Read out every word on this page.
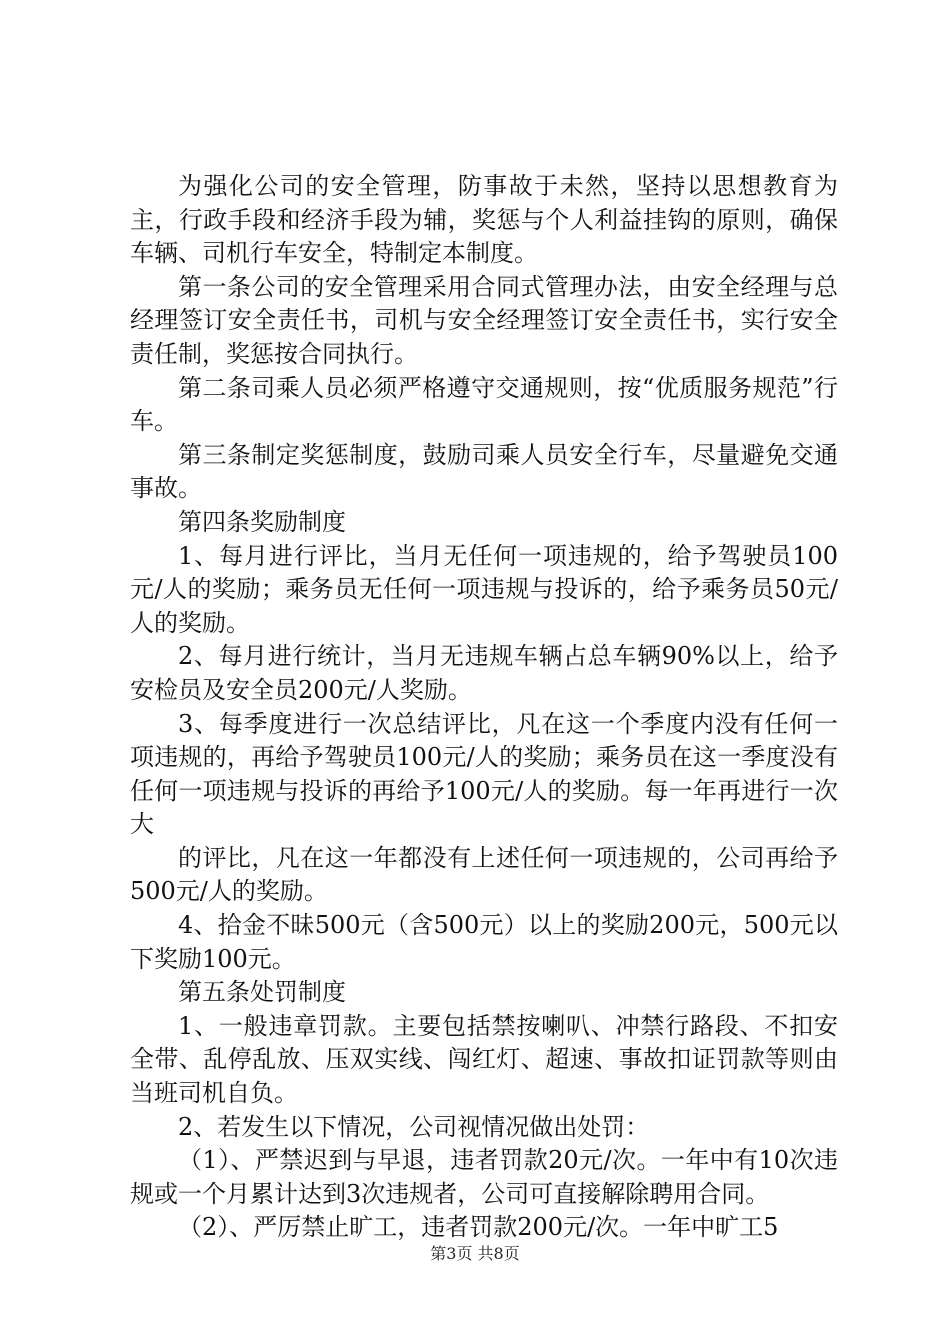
为强化公司的安全管理，防事故于未然，坚持以思想教育为主，行政手段和经济手段为辅，奖惩与个人利益挂钩的原则，确保车辆、司机行车安全，特制定本制度。

第一条公司的安全管理采用合同式管理办法，由安全经理与总经理签订安全责任书，司机与安全经理签订安全责任书，实行安全责任制，奖惩按合同执行。

第二条司乘人员必须严格遵守交通规则，按“优质服务规范”行车。

第三条制定奖惩制度，鼓励司乘人员安全行车，尽量避免交通事故。

第四条奖励制度

1、每月进行评比，当月无任何一项违规的，给予驾驶员100元/人的奖励；乘务员无任何一项违规与投诉的，给予乘务员50元/人的奖励。

2、每月进行统计，当月无违规车辆占总车辆90%以上，给予安检员及安全员200元/人奖励。

3、每季度进行一次总结评比，凡在这一个季度内没有任何一项违规的，再给予驾驶员100元/人的奖励；乘务员在这一季度没有任何一项违规与投诉的再给予100元/人的奖励。每一年再进行一次大

的评比，凡在这一年都没有上述任何一项违规的，公司再给予500元/人的奖励。

4、拾金不昧500元（含500元）以上的奖励200元，500元以下奖励100元。

第五条处罚制度

1、一般违章罚款。主要包括禁按喇叭、冲禁行路段、不扣安全带、乱停乱放、压双实线、闯红灯、超速、事故扣证罚款等则由当班司机自负。

2、若发生以下情况，公司视情况做出处罚：

（1）、严禁迟到与早退，违者罚款20元/次。一年中有10次违规或一个月累计达到3次违规者，公司可直接解除聘用合同。

（2）、严厉禁止旷工，违者罚款200元/次。一年中旷工5

第3页 共8页
